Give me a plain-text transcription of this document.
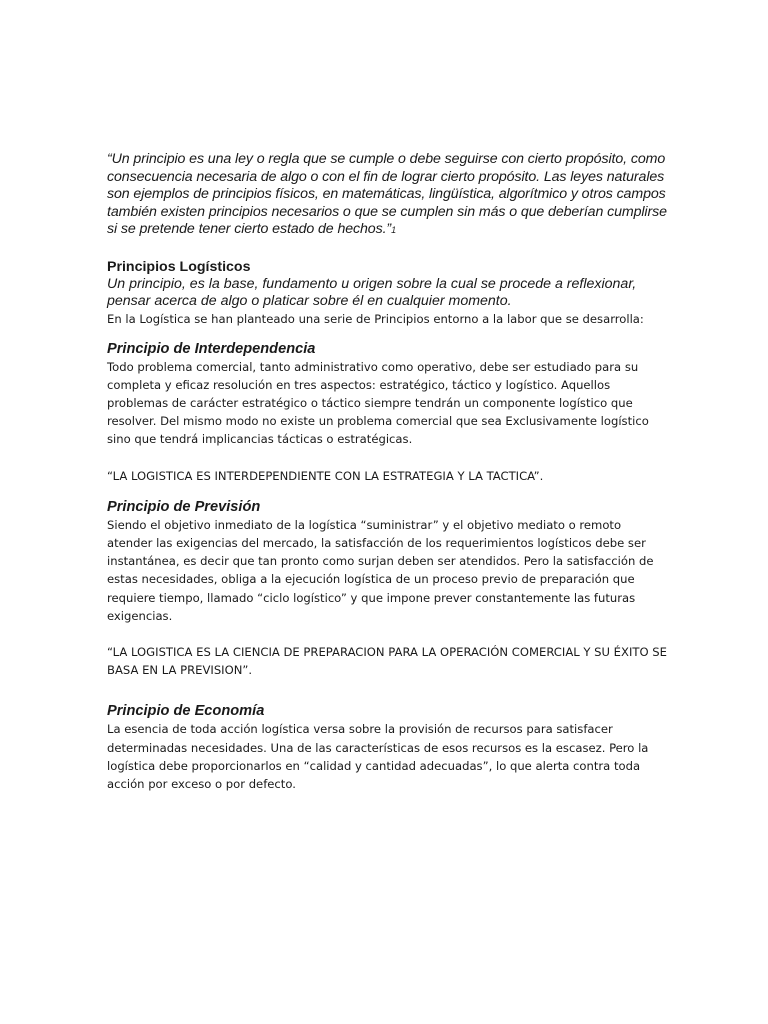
“Un principio es una ley o regla que se cumple o debe seguirse con cierto propósito, como consecuencia necesaria de algo o con el fin de lograr cierto propósito. Las leyes naturales son ejemplos de principios físicos, en matemáticas, lingüística, algorítmico y otros campos también existen principios necesarios o que se cumplen sin más o que deberían cumplirse si se pretende tener cierto estado de hechos.”1

Principios Logísticos

Un principio, es la base, fundamento u origen sobre la cual se procede a reflexionar, pensar acerca de algo o platicar sobre él en cualquier momento.

En la Logística se han planteado una serie de Principios entorno a la labor que se desarrolla:

Principio de Interdependencia

Todo problema comercial, tanto administrativo como operativo, debe ser estudiado para su completa y eficaz resolución en tres aspectos: estratégico, táctico y logístico. Aquellos problemas de carácter estratégico o táctico siempre tendrán un componente logístico que resolver. Del mismo modo no existe un problema comercial que sea Exclusivamente logístico sino que tendrá implicancias tácticas o estratégicas.

“LA LOGISTICA ES INTERDEPENDIENTE CON LA ESTRATEGIA Y LA TACTICA”.

Principio de Previsión

Siendo el objetivo inmediato de la logística “suministrar” y el objetivo mediato o remoto atender las exigencias del mercado, la satisfacción de los requerimientos logísticos debe ser instantánea, es decir que tan pronto como surjan deben ser atendidos. Pero la satisfacción de estas necesidades, obliga a la ejecución logística de un proceso previo de preparación que requiere tiempo, llamado “ciclo logístico” y que impone prever constantemente las futuras exigencias.

“LA LOGISTICA ES LA CIENCIA DE PREPARACION PARA LA OPERACIÓN COMERCIAL Y SU ÉXITO SE BASA EN LA PREVISION”.

Principio de Economía

La esencia de toda acción logística versa sobre la provisión de recursos para satisfacer determinadas necesidades. Una de las características de esos recursos es la escasez. Pero la logística debe proporcionarlos en “calidad y cantidad adecuadas”, lo que alerta contra toda acción por exceso o por defecto.
